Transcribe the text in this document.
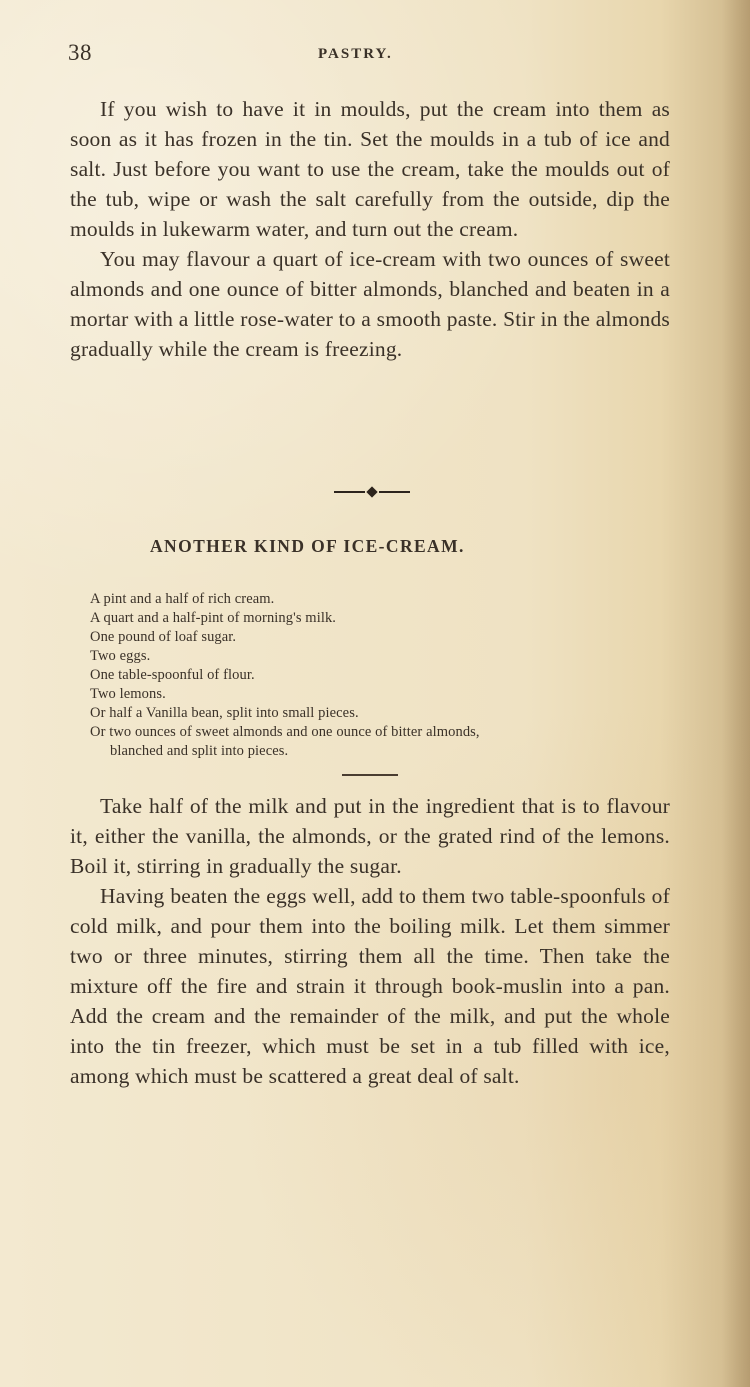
38	PASTRY.

If you wish to have it in moulds, put the cream into them as soon as it has frozen in the tin. Set the moulds in a tub of ice and salt. Just before you want to use the cream, take the moulds out of the tub, wipe or wash the salt carefully from the outside, dip the moulds in lukewarm water, and turn out the cream.

You may flavour a quart of ice-cream with two ounces of sweet almonds and one ounce of bitter almonds, blanched and beaten in a mortar with a little rose-water to a smooth paste. Stir in the almonds gradually while the cream is freezing.

ANOTHER KIND OF ICE-CREAM.
A pint and a half of rich cream.
A quart and a half-pint of morning's milk.
One pound of loaf sugar.
Two eggs.
One table-spoonful of flour.
Two lemons.
Or half a Vanilla bean, split into small pieces.
Or two ounces of sweet almonds and one ounce of bitter almonds,
blanched and split into pieces.

Take half of the milk and put in the ingredient that is to flavour it, either the vanilla, the almonds, or the grated rind of the lemons. Boil it, stirring in gradually the sugar.

Having beaten the eggs well, add to them two table-spoonfuls of cold milk, and pour them into the boiling milk. Let them simmer two or three minutes, stirring them all the time. Then take the mixture off the fire and strain it through book-muslin into a pan. Add the cream and the remainder of the milk, and put the whole into the tin freezer, which must be set in a tub filled with ice, among which must be scattered a great deal of salt.
